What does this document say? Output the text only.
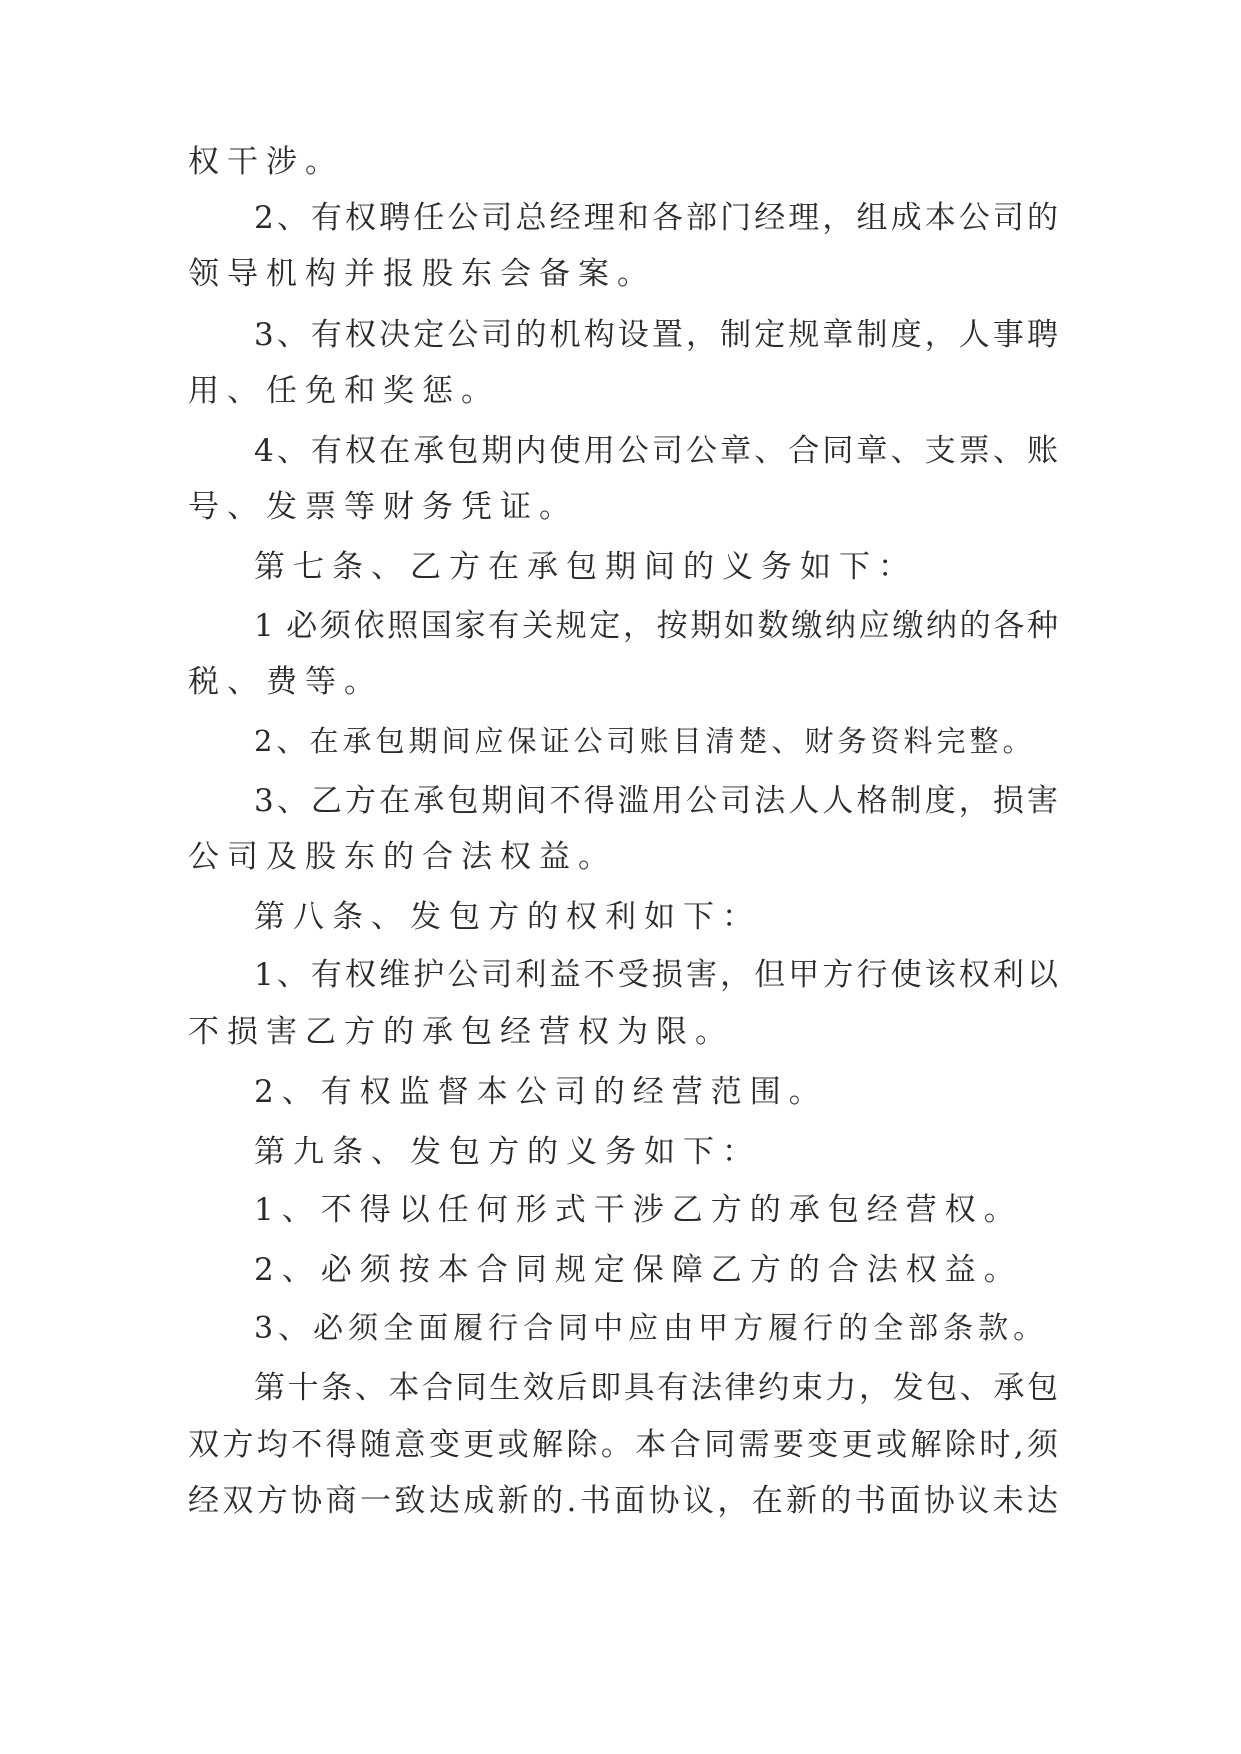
权干涉。
2、有权聘任公司总经理和各部门经理，组成本公司的
领导机构并报股东会备案。
3、有权决定公司的机构设置，制定规章制度，人事聘
用、任免和奖惩。
4、有权在承包期内使用公司公章、合同章、支票、账
号、发票等财务凭证。
第七条、乙方在承包期间的义务如下：
1 必须依照国家有关规定，按期如数缴纳应缴纳的各种
税、费等。
2、在承包期间应保证公司账目清楚、财务资料完整。
3、乙方在承包期间不得滥用公司法人人格制度，损害
公司及股东的合法权益。
第八条、发包方的权利如下：
1、有权维护公司利益不受损害，但甲方行使该权利以
不损害乙方的承包经营权为限。
2、有权监督本公司的经营范围。
第九条、发包方的义务如下：
1、不得以任何形式干涉乙方的承包经营权。
2、必须按本合同规定保障乙方的合法权益。
3、必须全面履行合同中应由甲方履行的全部条款。
第十条、本合同生效后即具有法律约束力，发包、承包
双方均不得随意变更或解除。本合同需要变更或解除时,须
经双方协商一致达成新的.书面协议，在新的书面协议未达
